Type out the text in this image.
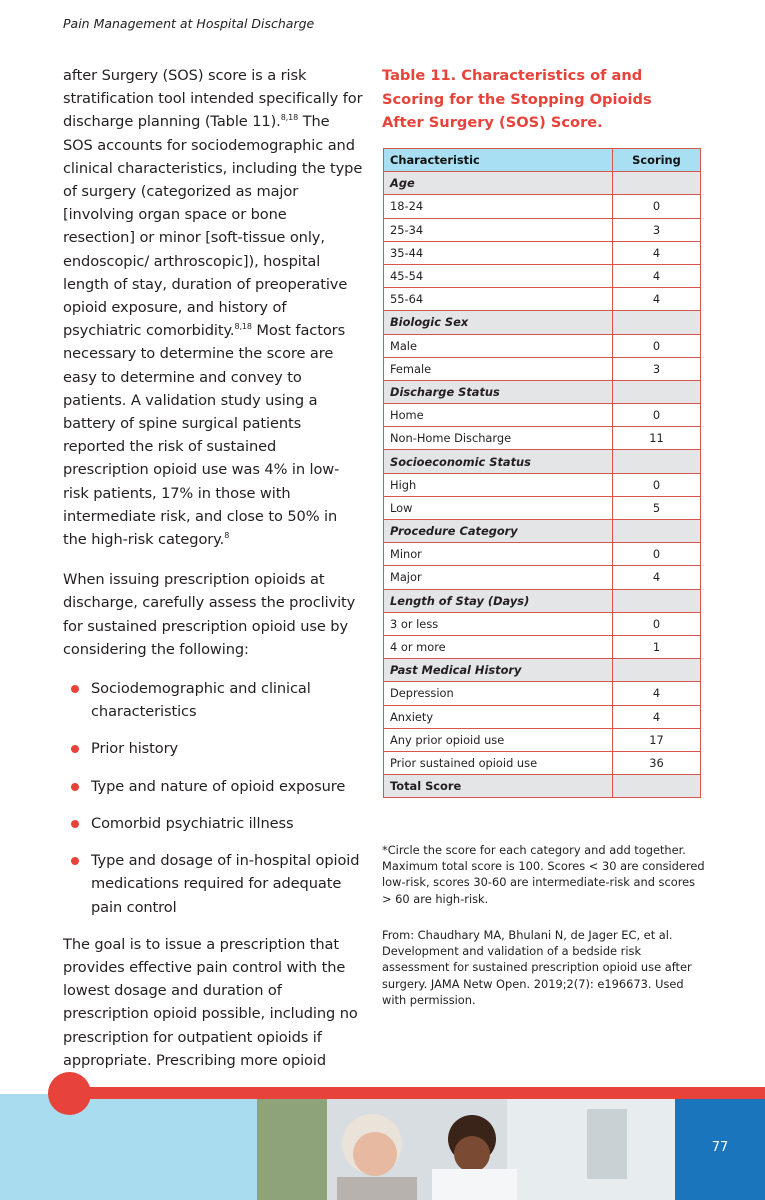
Pain Management at Hospital Discharge

after Surgery (SOS) score is a risk stratification tool intended specifically for discharge planning (Table 11).$^{8,18}$ The SOS accounts for sociodemographic and clinical characteristics, including the type of surgery (categorized as major [involving organ space or bone resection] or minor [soft-tissue only, endoscopic/ arthroscopic]), hospital length of stay, duration of preoperative opioid exposure, and history of psychiatric comorbidity.$^{8,18}$ Most factors necessary to determine the score are easy to determine and convey to patients. A validation study using a battery of spine surgical patients reported the risk of sustained prescription opioid use was 4% in low-risk patients, 17% in those with intermediate risk, and close to 50% in the high-risk category.$^8$

When issuing prescription opioids at discharge, carefully assess the proclivity for sustained prescription opioid use by considering the following:

Sociodemographic and clinical characteristics
Prior history
Type and nature of opioid exposure
Comorbid psychiatric illness
Type and dosage of in-hospital opioid medications required for adequate pain control

The goal is to issue a prescription that provides effective pain control with the lowest dosage and duration of prescription opioid possible, including no prescription for outpatient opioids if appropriate. Prescribing more opioid

Table 11. Characteristics of and Scoring for the Stopping Opioids After Surgery (SOS) Score.
Characteristic	Scoring
Age	
18-24	0
25-34	3
35-44	4
45-54	4
55-64	4
Biologic Sex	
Male	0
Female	3
Discharge Status	
Home	0
Non-Home Discharge	11
Socioeconomic Status	
High	0
Low	5
Procedure Category	
Minor	0
Major	4
Length of Stay (Days)	
3 or less	0
4 or more	1
Past Medical History	
Depression	4
Anxiety	4
Any prior opioid use	17
Prior sustained opioid use	36
Total Score	
*Circle the score for each category and add together. Maximum total score is 100. Scores < 30 are considered low-risk, scores 30-60 are intermediate-risk and scores > 60 are high-risk.
From: Chaudhary MA, Bhulani N, de Jager EC, et al. Development and validation of a bedside risk assessment for sustained prescription opioid use after surgery. JAMA Netw Open. 2019;2(7): e196673. Used with permission.
77
